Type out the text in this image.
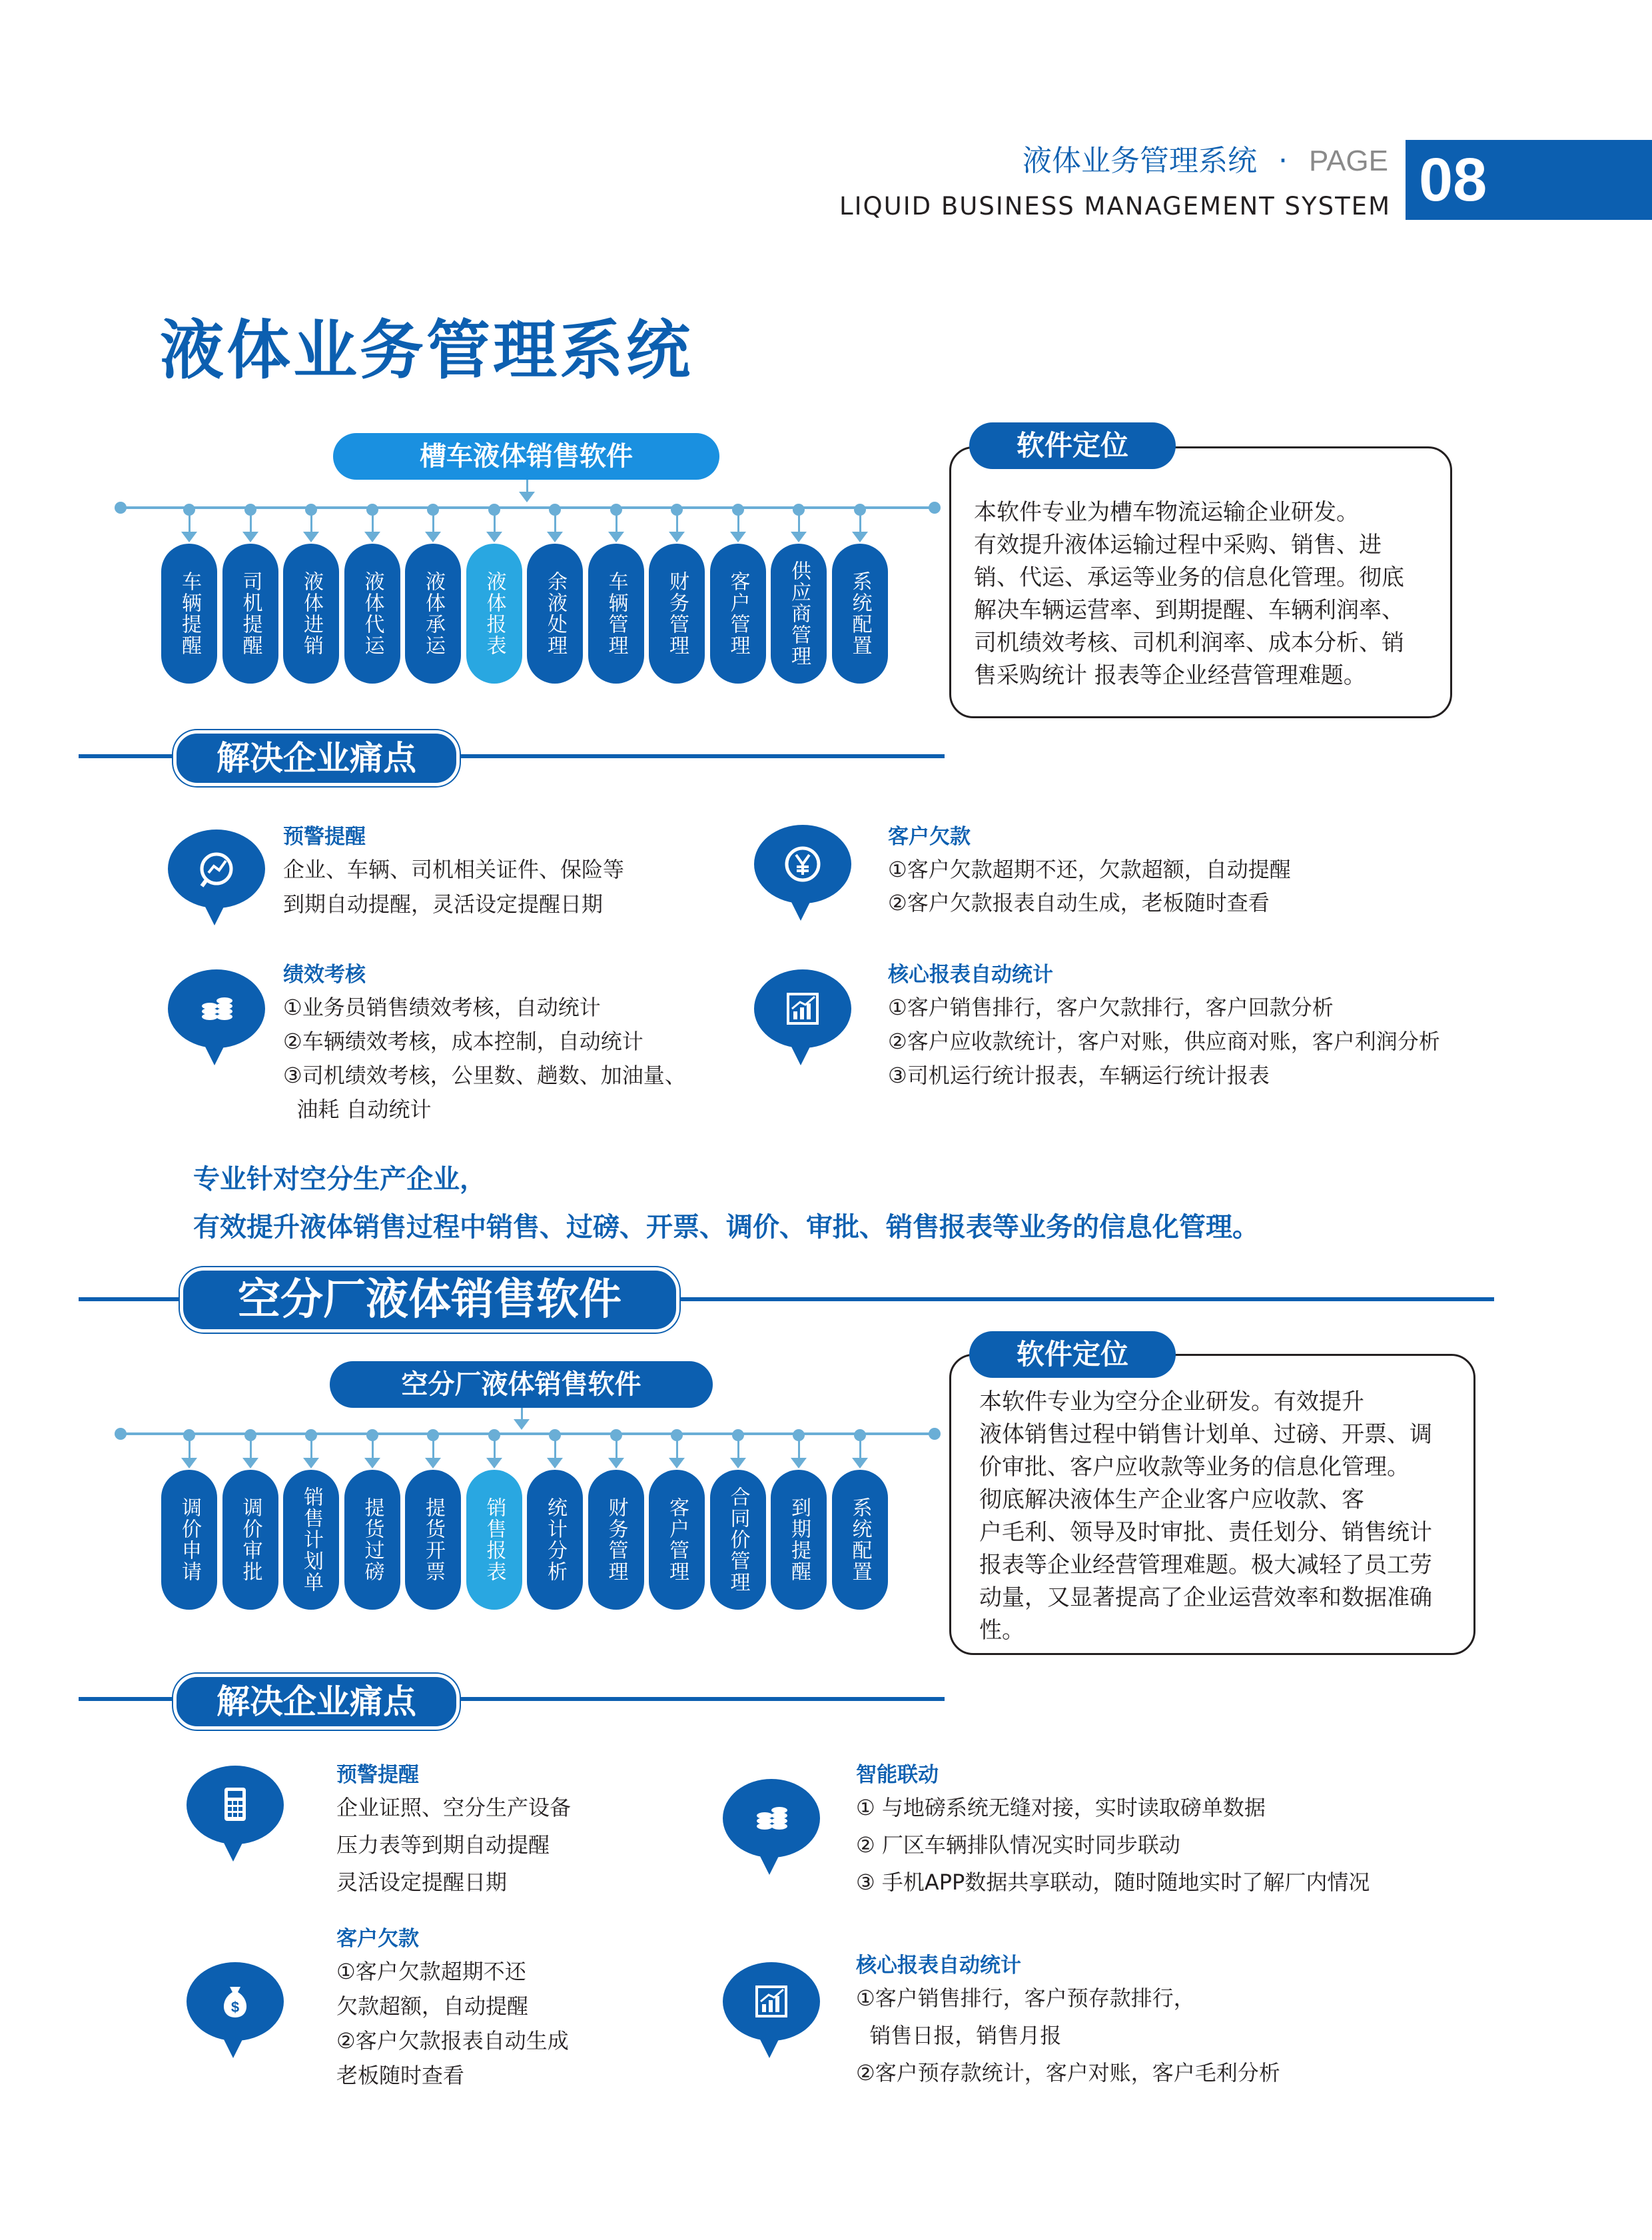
液体业务管理系统 · PAGE
LIQUID BUSINESS MANAGEMENT SYSTEM 08
液体业务管理系统
槽车液体销售软件
车辆提醒	司机提醒	液体进销	液体代运	液体承运	液体报表	余液处理	车辆管理	财务管理	客户管理	供应商管理	系统配置
软件定位
本软件专业为槽车物流运输企业研发。
有效提升液体运输过程中采购、销售、进
销、代运、承运等业务的信息化管理。彻底
解决车辆运营率、到期提醒、车辆利润率、
司机绩效考核、司机利润率、成本分析、销
售采购统计 报表等企业经营管理难题。
解决企业痛点
预警提醒
企业、车辆、司机相关证件、保险等
到期自动提醒，灵活设定提醒日期
客户欠款
①客户欠款超期不还，欠款超额，自动提醒
②客户欠款报表自动生成，老板随时查看
绩效考核
①业务员销售绩效考核，自动统计
②车辆绩效考核，成本控制，自动统计
③司机绩效考核，公里数、趟数、加油量、
油耗 自动统计
核心报表自动统计
①客户销售排行，客户欠款排行，客户回款分析
②客户应收款统计，客户对账，供应商对账，客户利润分析
③司机运行统计报表，车辆运行统计报表
专业针对空分生产企业，
有效提升液体销售过程中销售、过磅、开票、调价、审批、销售报表等业务的信息化管理。
空分厂液体销售软件
空分厂液体销售软件
调价申请	调价审批	销售计划单	提货过磅	提货开票	销售报表	统计分析	财务管理	客户管理	合同价管理	到期提醒	系统配置
软件定位
本软件专业为空分企业研发。有效提升
液体销售过程中销售计划单、过磅、开票、调
价审批、客户应收款等业务的信息化管理。
彻底解决液体生产企业客户应收款、客
户毛利、领导及时审批、责任划分、销售统计
报表等企业经营管理难题。极大减轻了员工劳
动量，又显著提高了企业运营效率和数据准确
性。
解决企业痛点
预警提醒
企业证照、空分生产设备
压力表等到期自动提醒
灵活设定提醒日期
智能联动
① 与地磅系统无缝对接，实时读取磅单数据
② 厂区车辆排队情况实时同步联动
③ 手机APP数据共享联动，随时随地实时了解厂内情况
$
客户欠款
①客户欠款超期不还
欠款超额，自动提醒
②客户欠款报表自动生成
老板随时查看
核心报表自动统计
①客户销售排行，客户预存款排行，
销售日报，销售月报
②客户预存款统计，客户对账，客户毛利分析
